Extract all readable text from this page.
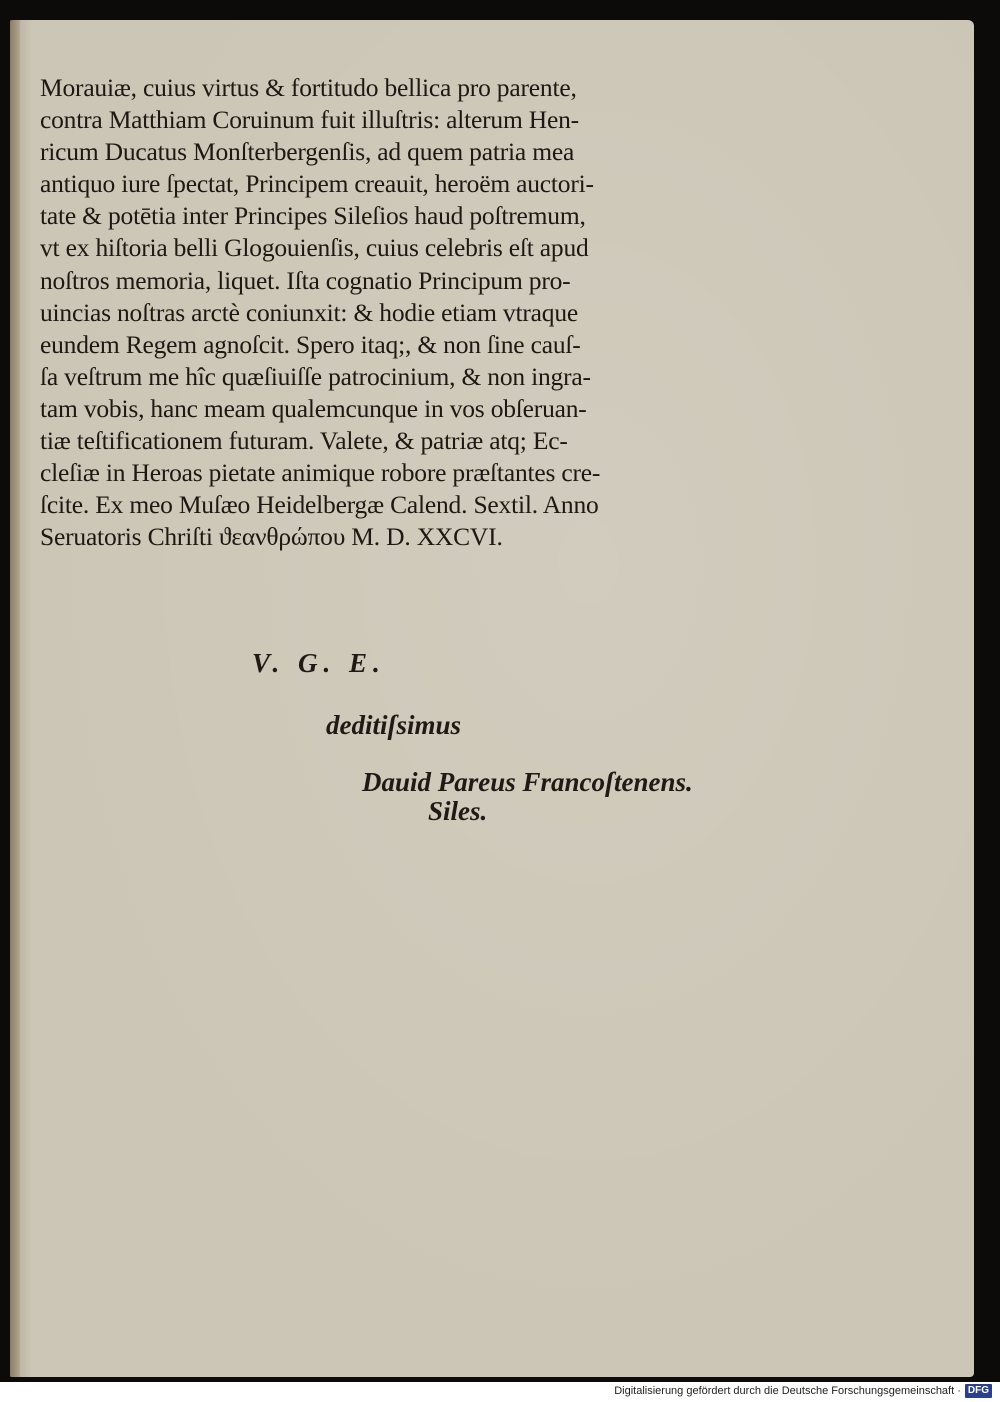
Morauiæ, cuius virtus & fortitudo bellica pro parente,
contra Matthiam Coruinum fuit illuſtris: alterum Hen-
ricum Ducatus Monſterbergenſis, ad quem patria mea
antiquo iure ſpectat, Principem creauit, heroëm auctori-
tate & potētia inter Principes Sileſios haud poſtremum,
vt ex hiſtoria belli Glogouienſis, cuius celebris eſt apud
noſtros memoria, liquet. Iſta cognatio Principum pro-
uincias noſtras arctè coniunxit: & hodie etiam vtraque
eundem Regem agnoſcit. Spero itaq;, & non ſine cauſ-
ſa veſtrum me hîc quæſiuiſſe patrocinium, & non ingra-
tam vobis, hanc meam qualemcunque in vos obſeruan-
tiæ teſtificationem futuram. Valete, & patriæ atq; Ec-
cleſiæ in Heroas pietate animique robore præſtantes cre-
ſcite. Ex meo Muſæo Heidelbergæ Calend. Sextil. Anno
Seruatoris Chriſti ϑεανθρώπου M. D. XXCVI.
V. G. E.
deditiſsimus
Dauid Pareus Francoſtenens.
Siles.
Digitalisierung gefördert durch die Deutsche Forschungsgemeinschaft · DFG
